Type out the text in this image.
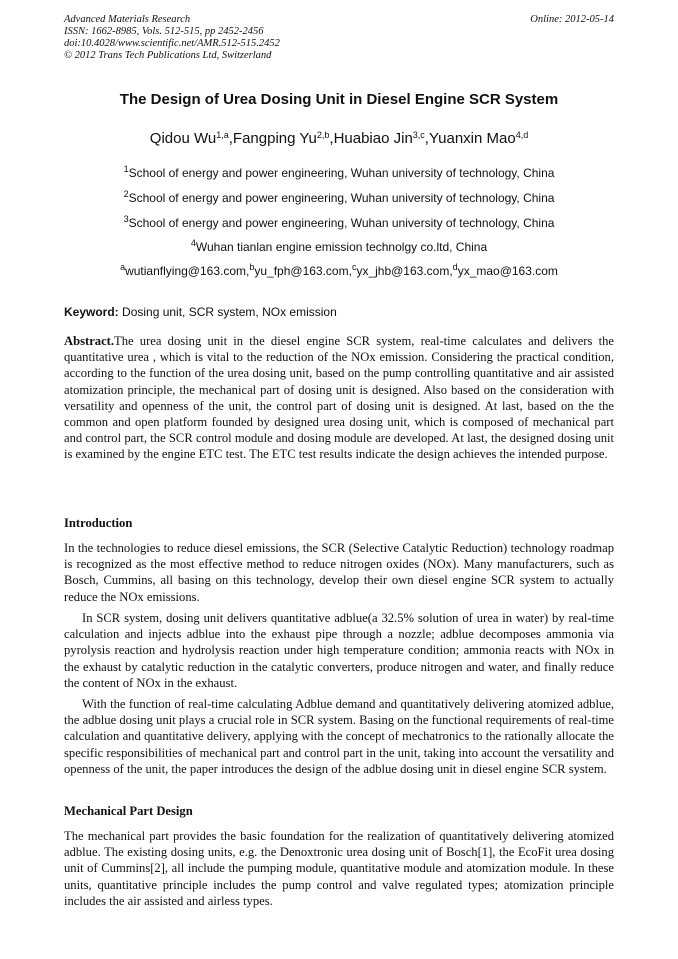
Advanced Materials Research
ISSN: 1662-8985, Vols. 512-515, pp 2452-2456
doi:10.4028/www.scientific.net/AMR.512-515.2452
© 2012 Trans Tech Publications Ltd, Switzerland
Online: 2012-05-14
The Design of Urea Dosing Unit in Diesel Engine SCR System
Qidou Wu$^{1,a}$,Fangping Yu$^{2,b}$,Huabiao Jin$^{3,c}$,Yuanxin Mao$^{4,d}$
$^1$School of energy and power engineering, Wuhan university of technology, China
$^2$School of energy and power engineering, Wuhan university of technology, China
$^3$School of energy and power engineering, Wuhan university of technology, China
$^4$Wuhan tianlan engine emission technolgy co.ltd, China
$^a$wutianflying@163.com,$^b$yu_fph@163.com,$^c$yx_jhb@163.com,$^d$yx_mao@163.com
Keyword: Dosing unit, SCR system, NOx emission

Abstract.The urea dosing unit in the diesel engine SCR system, real-time calculates and delivers the quantitative urea , which is vital to the reduction of the NOx emission. Considering the practical condition, according to the function of the urea dosing unit, based on the pump controlling quantitative and air assisted atomization principle, the mechanical part of dosing unit is designed. Also based on the consideration with versatility and openness of the unit, the control part of dosing unit is designed. At last, based on the the common and open platform founded by designed urea dosing unit, which is composed of mechanical part and control part, the SCR control module and dosing module are developed. At last, the designed dosing unit is examined by the engine ETC test. The ETC test results indicate the design achieves the intended purpose.

Introduction

In the technologies to reduce diesel emissions, the SCR (Selective Catalytic Reduction) technology roadmap is recognized as the most effective method to reduce nitrogen oxides (NOx). Many manufacturers, such as Bosch, Cummins, all basing on this technology, develop their own diesel engine SCR system to actually reduce the NOx emissions.

In SCR system, dosing unit delivers quantitative adblue(a 32.5% solution of urea in water) by real-time calculation and injects adblue into the exhaust pipe through a nozzle; adblue decomposes ammonia via pyrolysis reaction and hydrolysis reaction under high temperature condition; ammonia reacts with NOx in the exhaust by catalytic reduction in the catalytic converters, produce nitrogen and water, and finally reduce the content of NOx in the exhaust.

With the function of real-time calculating Adblue demand and quantitatively delivering atomized adblue, the adblue dosing unit plays a crucial role in SCR system. Basing on the functional requirements of real-time calculation and quantitative delivery, applying with the concept of mechatronics to the rationally allocate the specific responsibilities of mechanical part and control part in the unit, taking into account the versatility and openness of the unit, the paper introduces the design of the adblue dosing unit in diesel engine SCR system.

Mechanical Part Design

The mechanical part provides the basic foundation for the realization of quantitatively delivering atomized adblue. The existing dosing units, e.g. the Denoxtronic urea dosing unit of Bosch[1], the EcoFit urea dosing unit of Cummins[2], all include the pumping module, quantitative module and atomization module. In these units, quantitative principle includes the pump control and valve regulated types; atomization principle includes the air assisted and airless types.
